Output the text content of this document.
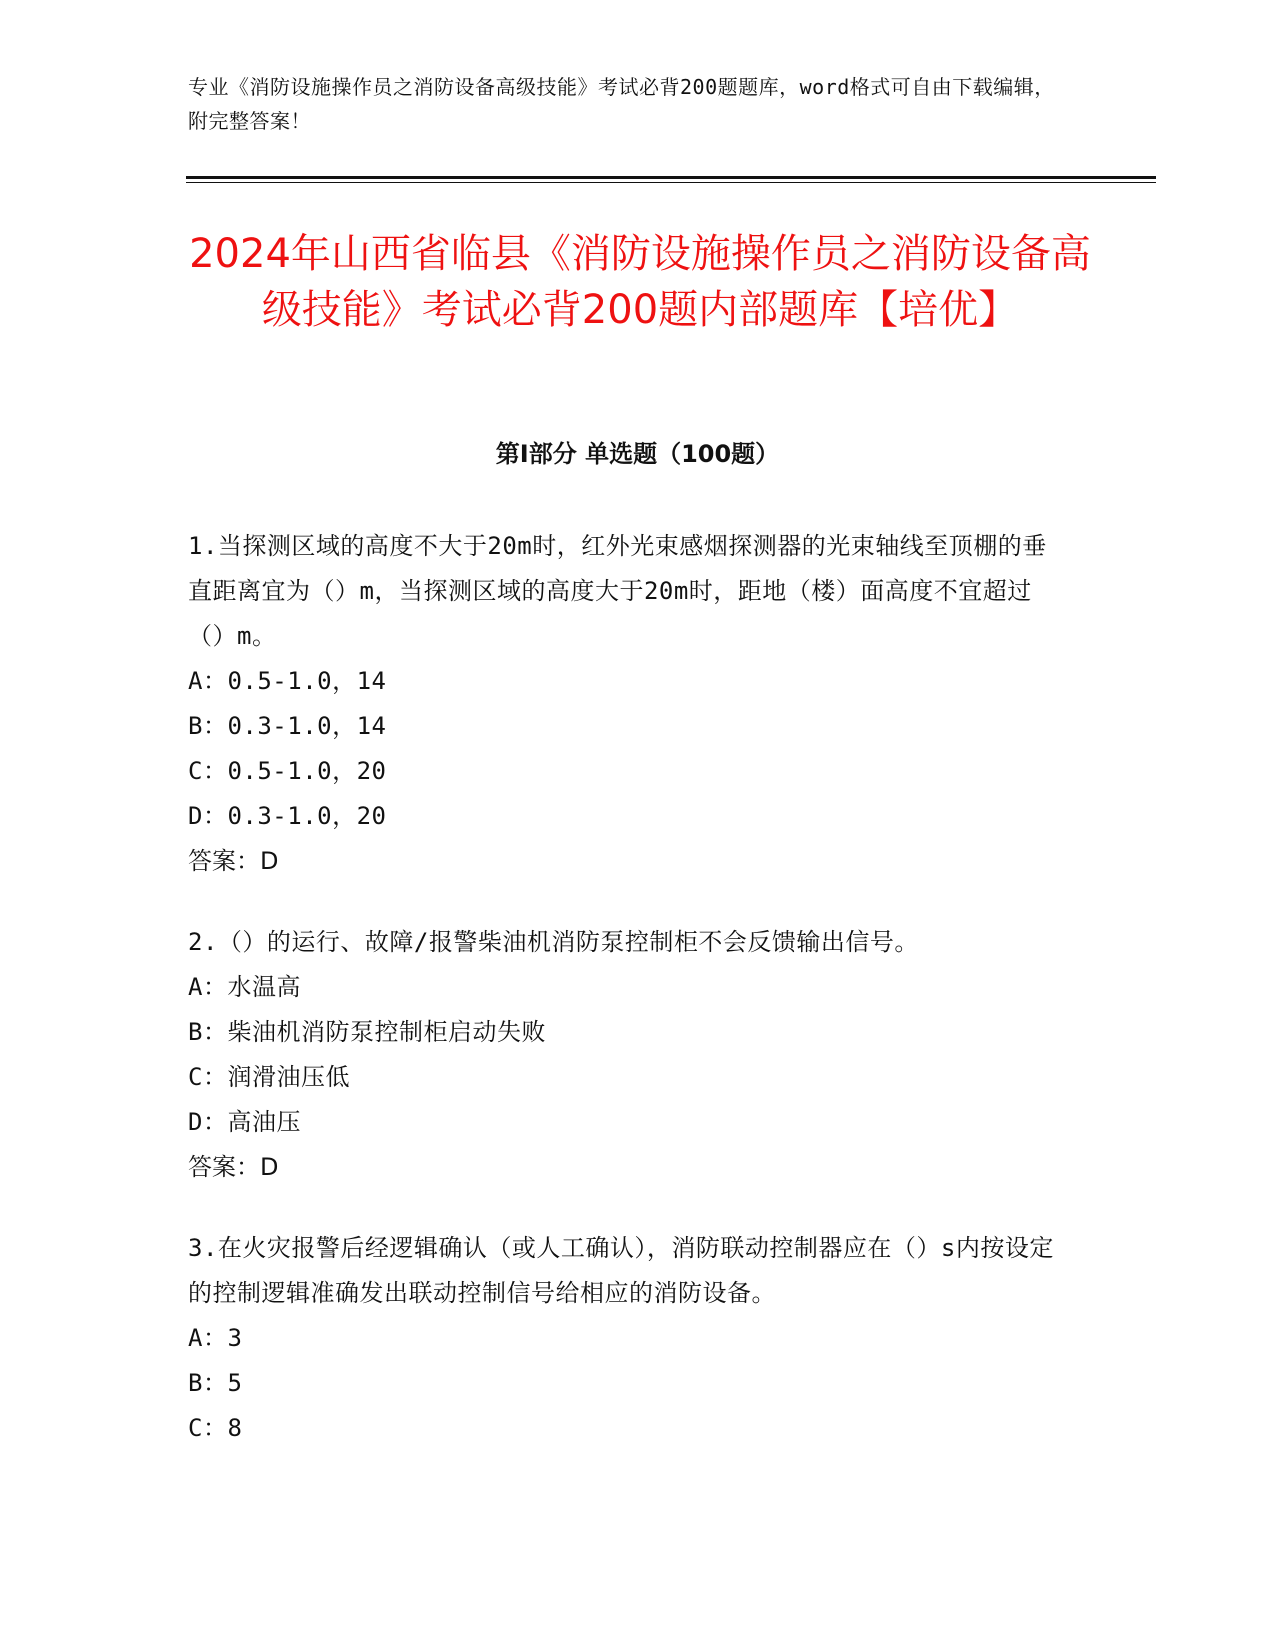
专业《消防设施操作员之消防设备高级技能》考试必背200题题库，word格式可自由下载编辑，附完整答案！
2024年山西省临县《消防设施操作员之消防设备高级技能》考试必背200题内部题库【培优】
第Ⅰ部分 单选题（100题）

1.当探测区域的高度不大于20m时，红外光束感烟探测器的光束轴线至顶棚的垂直距离宜为（）m，当探测区域的高度大于20m时，距地（楼）面高度不宜超过（）m。

A：0.5-1.0，14

B：0.3-1.0，14

C：0.5-1.0，20

D：0.3-1.0，20

答案：D

2.（）的运行、故障/报警柴油机消防泵控制柜不会反馈输出信号。

A：水温高

B：柴油机消防泵控制柜启动失败

C：润滑油压低

D：高油压

答案：D

3.在火灾报警后经逻辑确认（或人工确认），消防联动控制器应在（）s内按设定的控制逻辑准确发出联动控制信号给相应的消防设备。

A：3

B：5

C：8
